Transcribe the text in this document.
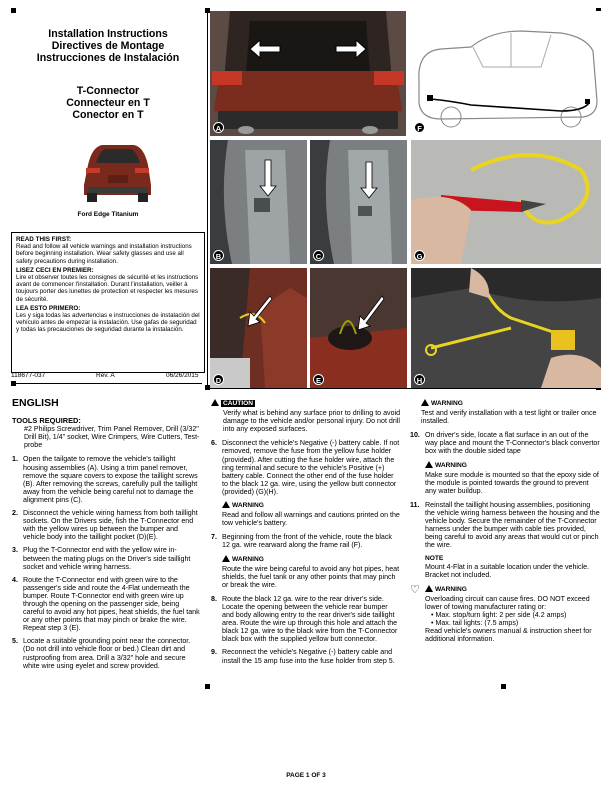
Installation Instructions
Directives de Montage
Instrucciones de Instalación
T-Connector
Connecteur en T
Conector en T
Ford Edge Titanium

READ THIS FIRST:
Read and follow all vehicle warnings and installation instructions before beginning installation. Wear safety glasses and use all safety precautions during installation.

LISEZ CECI EN PREMIER:
Lire et observer toutes les consignes de sécurité et les instructions avant de commencer l'installation. Durant l'installation, veiller à toujours porter des lunettes de protection et respecter les mesures de sécurité.

LEA ESTO PRIMERO:
Les y siga todas las advertencias e instrucciones de instalación del vehículo antes de empezar la instalación. Use gafas de seguridad y todas las precauciones de seguridad durante la instalación.

118677-037	Rev. A	06/26/2015
A	F
B	C	G
D	E	H
ENGLISH
TOOLS REQUIRED:
#2 Philips Screwdriver, Trim Panel Remover, Drill (3/32" Drill Bit), 1/4" socket, Wire Crimpers, Wire Cutters, Test-probe
1. Open the tailgate to remove the vehicle's taillight housing assemblies (A). Using a trim panel remover, remove the square covers to expose the taillight screws (B). After removing the screws, carefully pull the taillight away from the vehicle being careful not to damage the alignment pins (C).
2. Disconnect the vehicle wiring harness from both taillight sockets. On the Drivers side, fish the T-Connector end with the yellow wires up between the bumper and vehicle body into the taillight pocket (D)(E).
3. Plug the T-Connector end with the yellow wire in-between the mating plugs on the Driver's side taillight socket and vehicle wiring harness.
4. Route the T-Connector end with green wire to the passenger's side and route the 4-Flat underneath the bumper. Route T-Connector end with green wire up through the opening on the passenger side, being careful to avoid any hot pipes, heat shields, the fuel tank or any other points that may pinch or brake the wire. Repeat step 3 (E).
5. Locate a suitable grounding point near the connector. (Do not drill into vehicle floor or bed.) Clean dirt and rustproofing from area. Drill a 3/32" hole and secure white wire using eyelet and screw provided.
CAUTION
Verify what is behind any surface prior to drilling to avoid damage to the vehicle and/or personal injury. Do not drill into any exposed surfaces.
6. Disconnect the vehicle's Negative (-) battery cable. If not removed, remove the fuse from the yellow fuse holder (provided). After cutting the fuse holder wire, attach the ring terminal and secure to the vehicle's Positive (+) battery cable. Connect the other end of the fuse holder to the black 12 ga. wire, using the yellow butt connector (provided) (G)(H).
WARNING
Read and follow all warnings and cautions printed on the tow vehicle's battery.
7. Beginning from the front of the vehicle, route the black 12 ga. wire rearward along the frame rail (F).
WARNING
Route the wire being careful to avoid any hot pipes, heat shields, the fuel tank or any other points that may pinch or break the wire.
8. Route the black 12 ga. wire to the rear driver's side. Locate the opening between the vehicle rear bumper and body allowing entry to the rear driver's side taillight area. Route the wire up through this hole and attach the black 12 ga. wire to the black wire from the T-Connector black box with the supplied yellow butt connector.
9. Reconnect the vehicle's Negative (-) battery cable and install the 15 amp fuse into the fuse holder from step 5.
WARNING
Test and verify installation with a test light or trailer once installed.
10. On driver's side, locate a flat surface in an out of the way place and mount the T-Connector's black convertor box with the double sided tape
WARNING
Make sure module is mounted so that the epoxy side of the module is pointed towards the ground to prevent any water buildup.
11. Reinstall the taillight housing assemblies, positioning the vehicle wiring harness between the housing and the vehicle body. Secure the remainder of the T-Connector harness under the bumper with cable ties provided, being careful to avoid any areas that would cut or pinch the wire.
NOTE
Mount 4-Flat in a suitable location under the vehicle. Bracket not included.
♡	WARNING
Overloading circuit can cause fires. DO NOT exceed lower of towing manufacturer rating or:
• Max. stop/turn light: 2 per side (4.2 amps)
• Max. tail lights: (7.5 amps)
Read vehicle's owners manual & instruction sheet for additional information.
PAGE 1 OF 3
